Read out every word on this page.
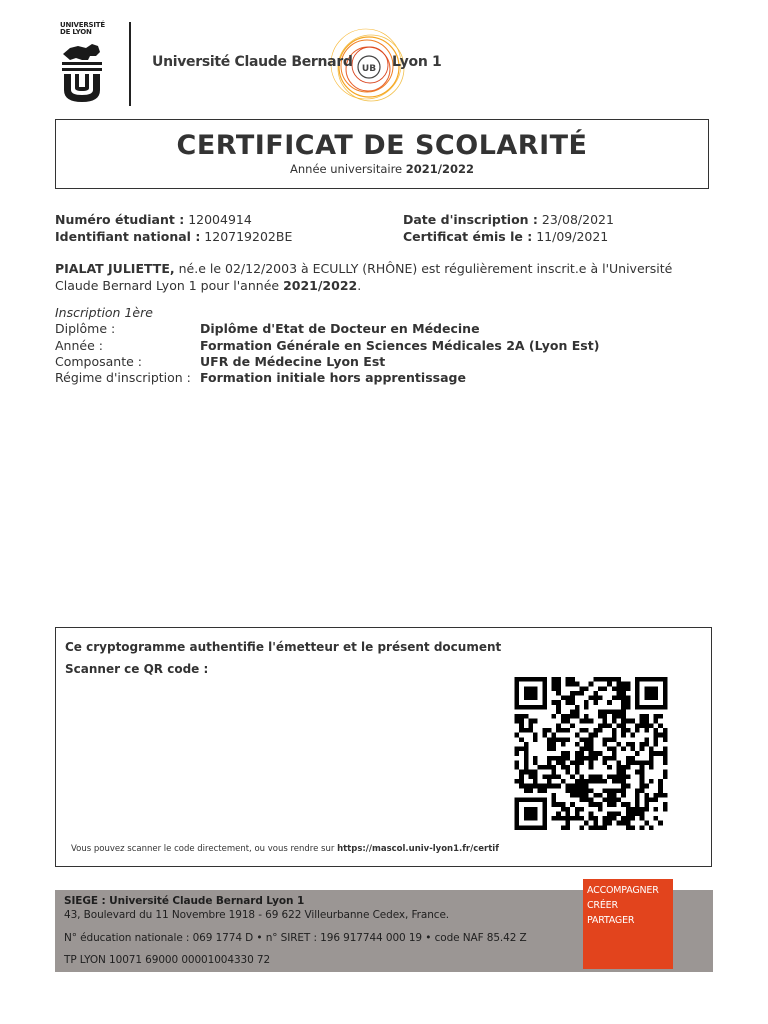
UNIVERSITÉ
DE LYON
UB
Université Claude Bernard	Lyon 1
CERTIFICAT DE SCOLARITÉ
Année universitaire 2021/2022
Numéro étudiant : 12004914
Identifiant national : 120719202BE
Date d'inscription : 23/08/2021
Certificat émis le : 11/09/2021
PIALAT JULIETTE, né.e le 02/12/2003 à ECULLY (RHÔNE) est régulièrement inscrit.e à l'Université Claude Bernard Lyon 1 pour l'année 2021/2022.
Inscription 1ère
Diplôme :	Diplôme d'Etat de Docteur en Médecine
Année :	Formation Générale en Sciences Médicales 2A (Lyon Est)
Composante :	UFR de Médecine Lyon Est
Régime d'inscription : Formation initiale hors apprentissage
Ce cryptogramme authentifie l'émetteur et le présent document
Scanner ce QR code :
Vous pouvez scanner le code directement, ou vous rendre sur https://mascol.univ-lyon1.fr/certif
SIEGE : Université Claude Bernard Lyon 1
43, Boulevard du 11 Novembre 1918 - 69 622 Villeurbanne Cedex, France.
N° éducation nationale : 069 1774 D • n° SIRET : 196 917744 000 19 • code NAF 85.42 Z
TP LYON 10071 69000 00001004330 72
ACCOMPAGNER
CRÉER
PARTAGER
